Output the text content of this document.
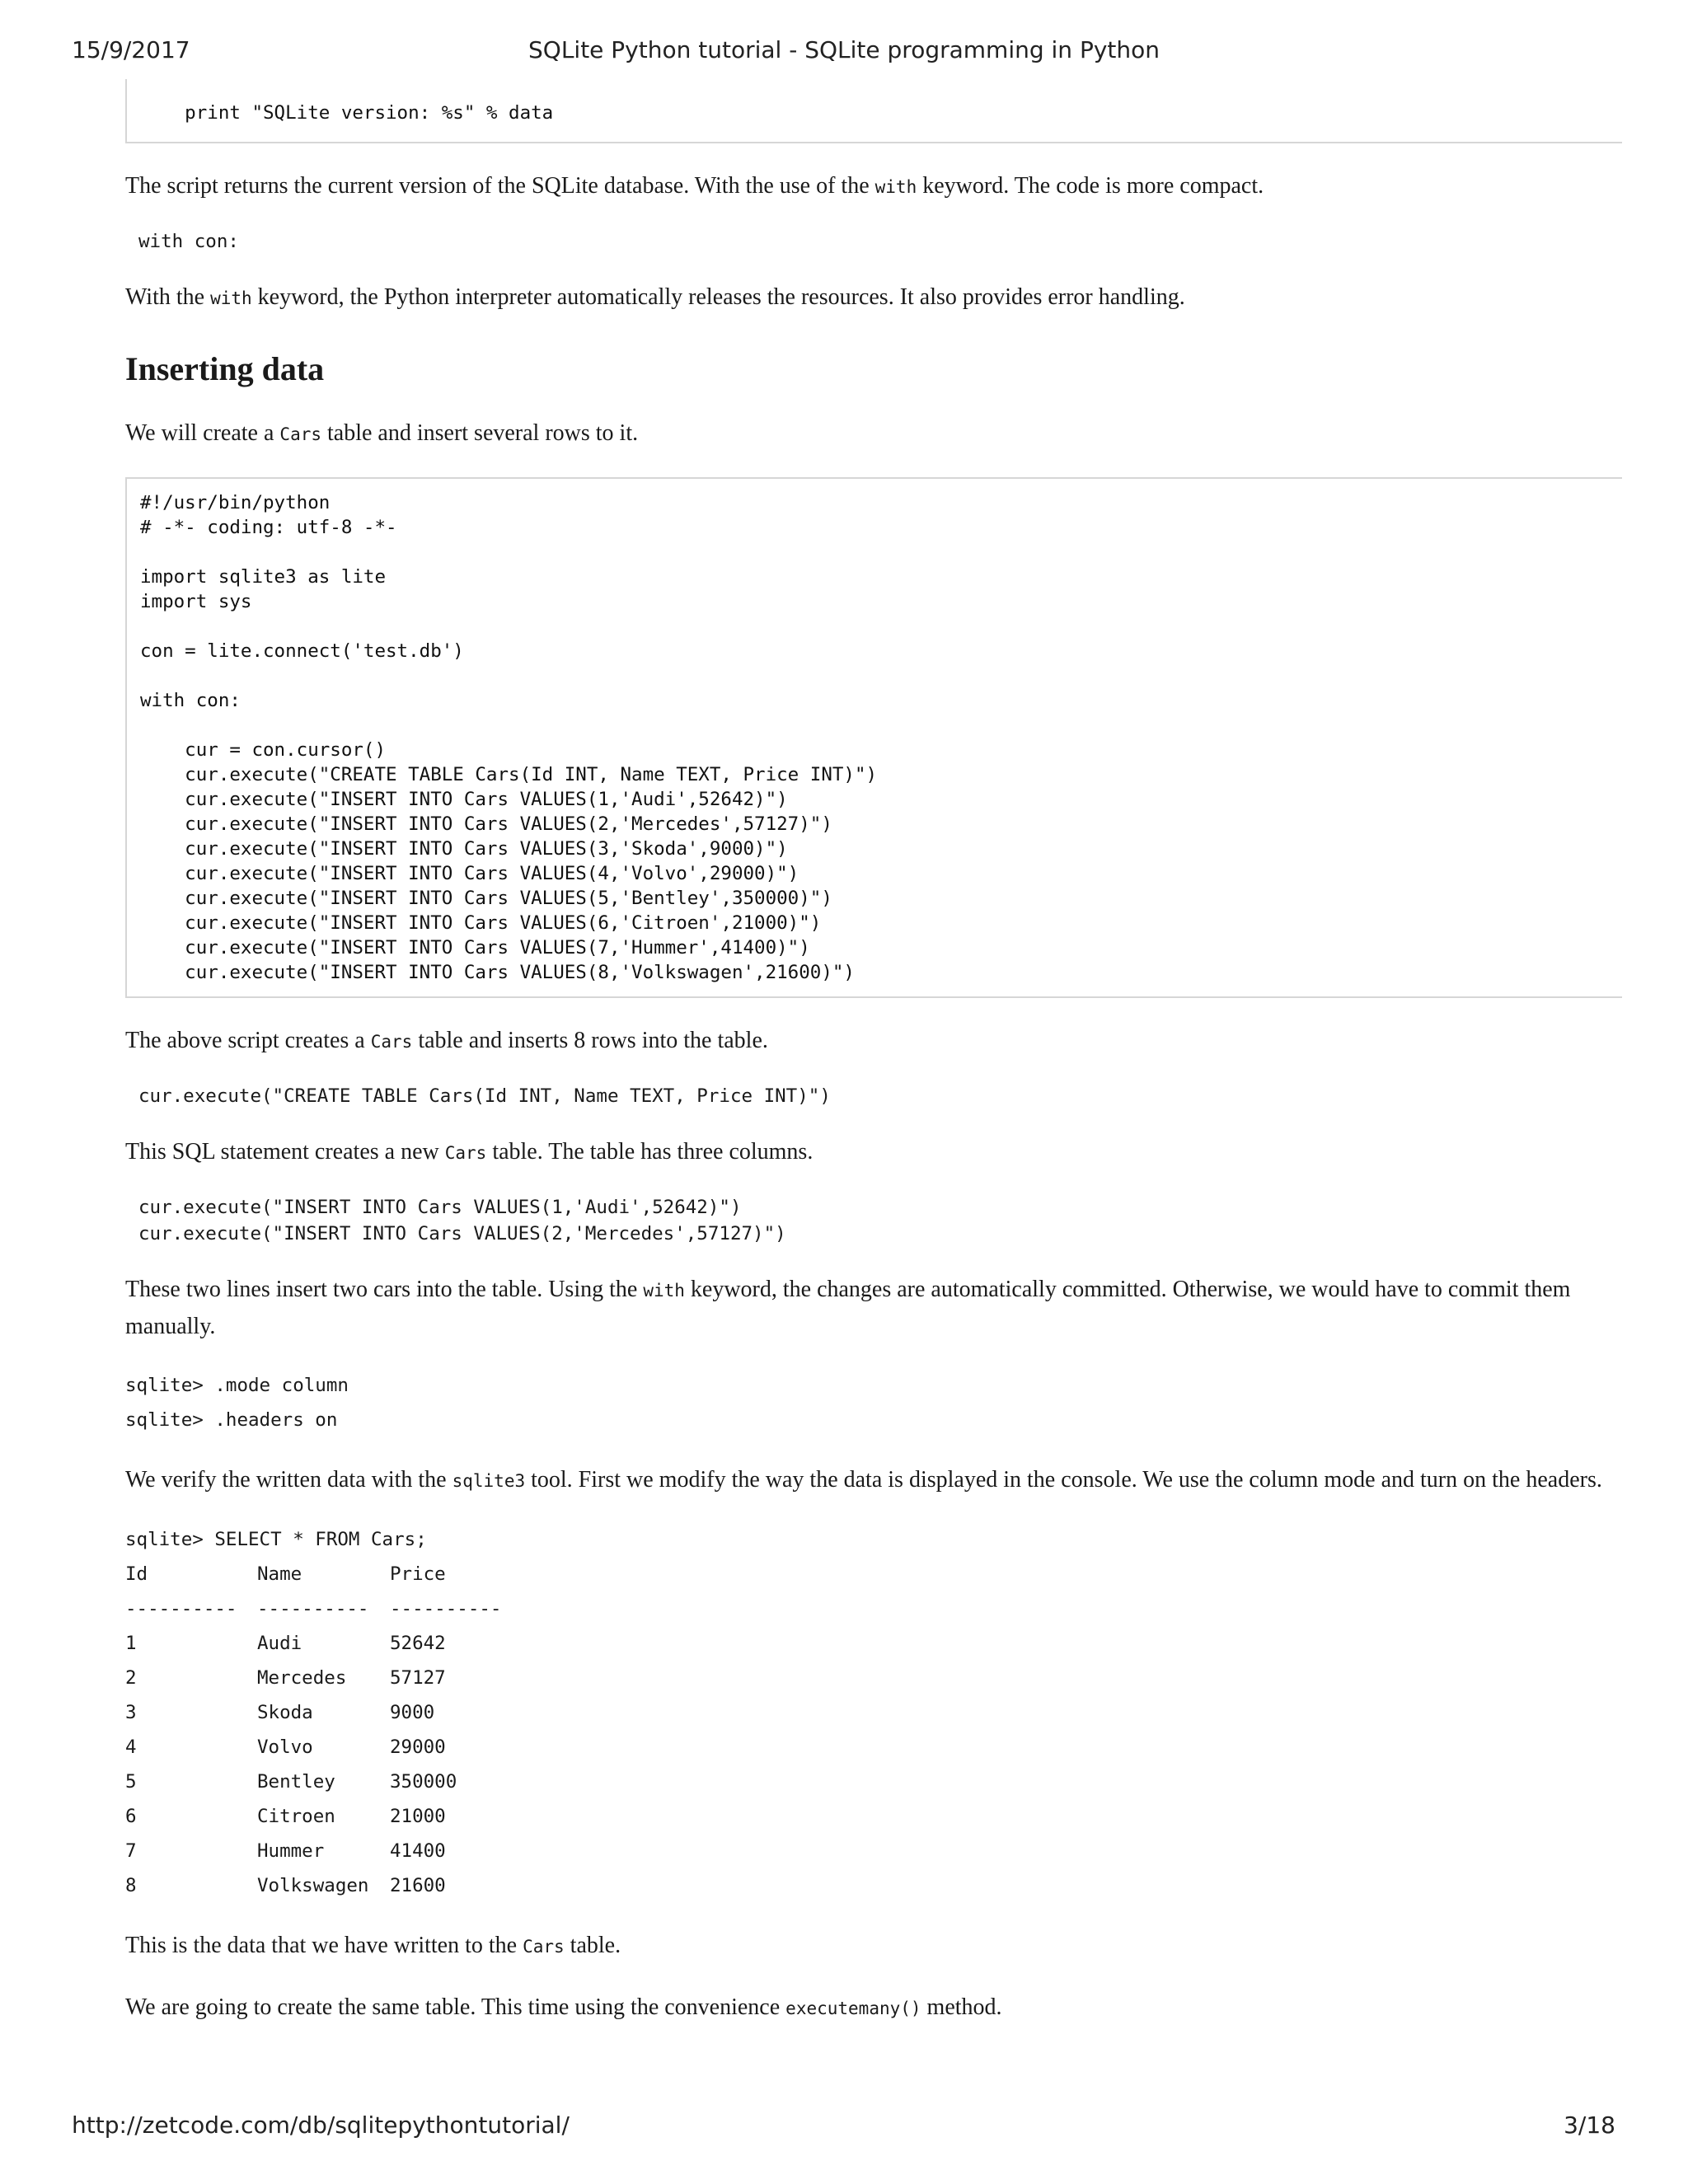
15/9/2017	SQLite Python tutorial - SQLite programming in Python
print "SQLite version: %s" % data

The script returns the current version of the SQLite database. With the use of the with keyword. The code is more compact.

with con:

With the with keyword, the Python interpreter automatically releases the resources. It also provides error handling.

Inserting data

We will create a Cars table and insert several rows to it.

#!/usr/bin/python
# -*- coding: utf-8 -*-

import sqlite3 as lite
import sys

con = lite.connect('test.db')

with con:

cur = con.cursor()
cur.execute("CREATE TABLE Cars(Id INT, Name TEXT, Price INT)")
cur.execute("INSERT INTO Cars VALUES(1,'Audi',52642)")
cur.execute("INSERT INTO Cars VALUES(2,'Mercedes',57127)")
cur.execute("INSERT INTO Cars VALUES(3,'Skoda',9000)")
cur.execute("INSERT INTO Cars VALUES(4,'Volvo',29000)")
cur.execute("INSERT INTO Cars VALUES(5,'Bentley',350000)")
cur.execute("INSERT INTO Cars VALUES(6,'Citroen',21000)")
cur.execute("INSERT INTO Cars VALUES(7,'Hummer',41400)")
cur.execute("INSERT INTO Cars VALUES(8,'Volkswagen',21600)")

The above script creates a Cars table and inserts 8 rows into the table.

cur.execute("CREATE TABLE Cars(Id INT, Name TEXT, Price INT)")

This SQL statement creates a new Cars table. The table has three columns.

cur.execute("INSERT INTO Cars VALUES(1,'Audi',52642)")
cur.execute("INSERT INTO Cars VALUES(2,'Mercedes',57127)")

These two lines insert two cars into the table. Using the with keyword, the changes are automatically committed. Otherwise, we would have to commit them manually.

sqlite> .mode column
sqlite> .headers on

We verify the written data with the sqlite3 tool. First we modify the way the data is displayed in the console. We use the column mode and turn on the headers.

sqlite> SELECT * FROM Cars;
Id	Name	Price
---------- ---------- ----------
1	Audi	52642
2	Mercedes 57127
3	Skoda	9000
4	Volvo	29000
5	Bentley	350000
6	Citroen	21000
7	Hummer	41400
8	Volkswagen 21600

This is the data that we have written to the Cars table.

We are going to create the same table. This time using the convenience executemany() method.

http://zetcode.com/db/sqlitepythontutorial/	3/18
